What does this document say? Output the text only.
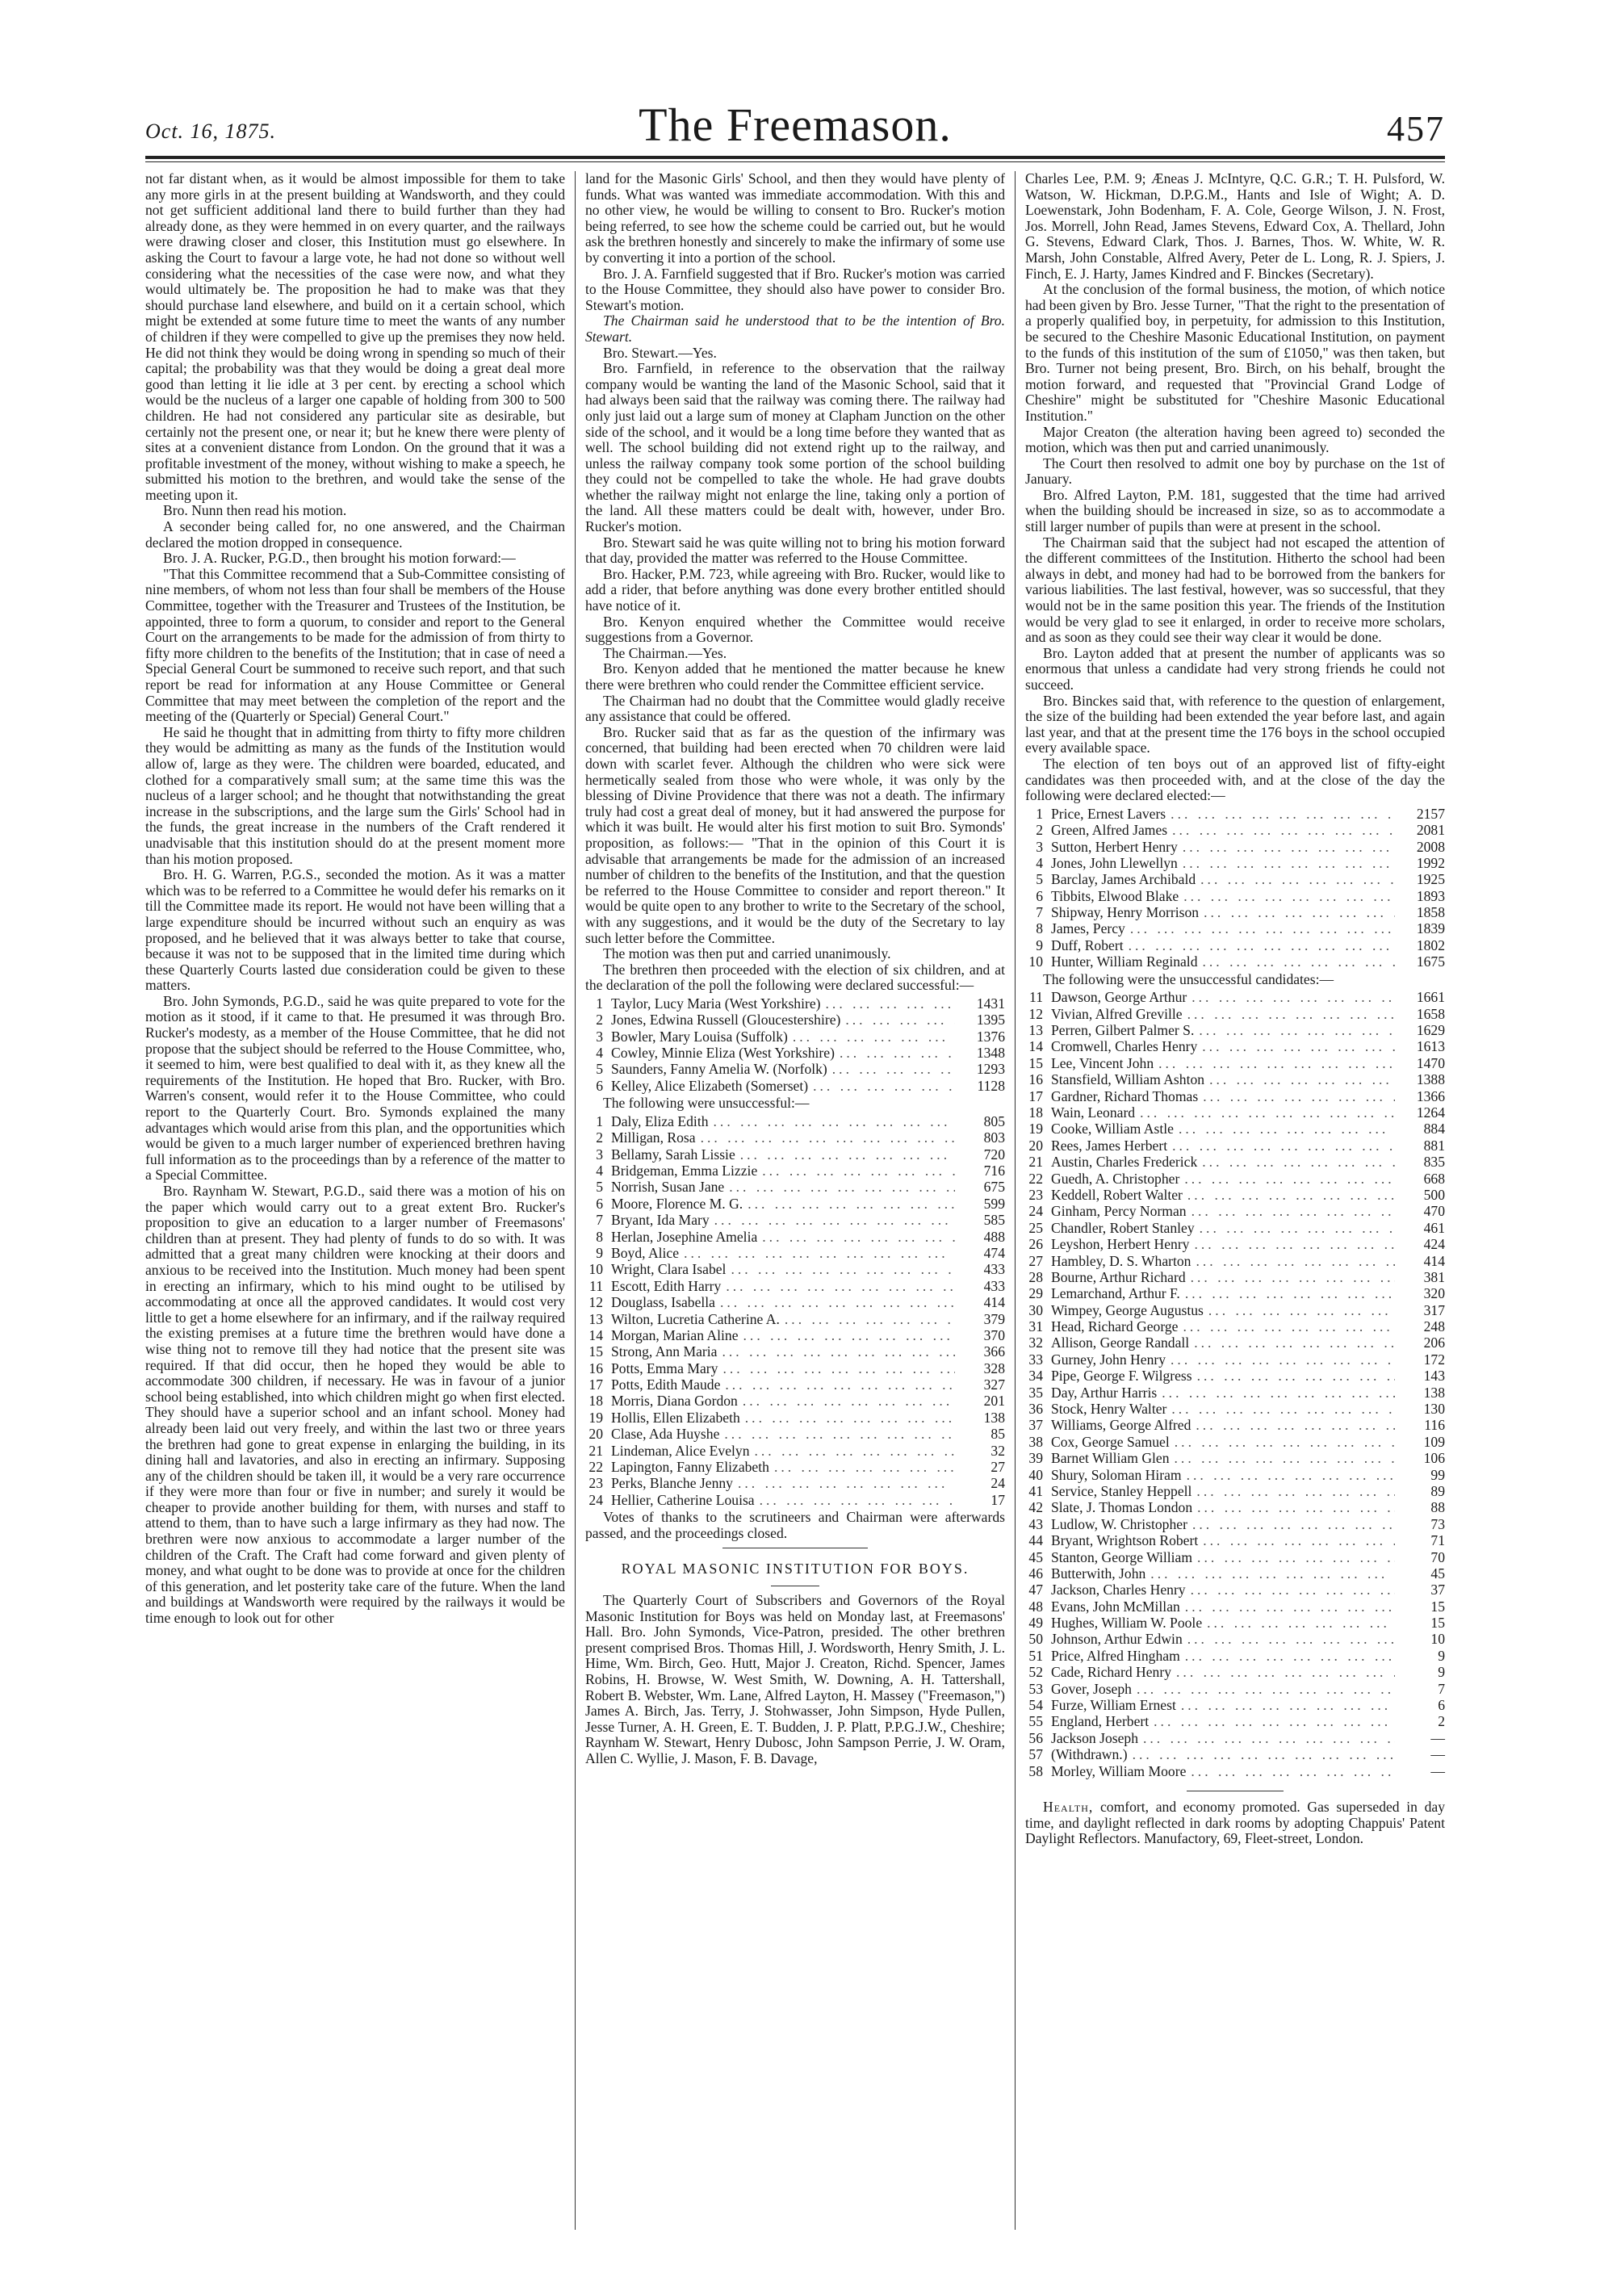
Oct. 16, 1875.	The Freemason.	457

not far distant when, as it would be almost impossible for them to take any more girls in at the present building at Wandsworth, and they could not get sufficient additional land there to build further than they had already done, as they were hemmed in on every quarter, and the railways were drawing closer and closer, this Institution must go elsewhere. In asking the Court to favour a large vote, he had not done so without well considering what the necessities of the case were now, and what they would ultimately be. The proposition he had to make was that they should purchase land elsewhere, and build on it a certain school, which might be extended at some future time to meet the wants of any number of children if they were compelled to give up the premises they now held. He did not think they would be doing wrong in spending so much of their capital; the probability was that they would be doing a great deal more good than letting it lie idle at 3 per cent. by erecting a school which would be the nucleus of a larger one capable of holding from 300 to 500 children. He had not considered any particular site as desirable, but certainly not the present one, or near it; but he knew there were plenty of sites at a convenient distance from London. On the ground that it was a profitable investment of the money, without wishing to make a speech, he submitted his motion to the brethren, and would take the sense of the meeting upon it.

Bro. Nunn then read his motion.

A seconder being called for, no one answered, and the Chairman declared the motion dropped in consequence.

Bro. J. A. Rucker, P.G.D., then brought his motion forward:—

"That this Committee recommend that a Sub-Committee consisting of nine members, of whom not less than four shall be members of the House Committee, together with the Treasurer and Trustees of the Institution, be appointed, three to form a quorum, to consider and report to the General Court on the arrangements to be made for the admission of from thirty to fifty more children to the benefits of the Institution; that in case of need a Special General Court be summoned to receive such report, and that such report be read for information at any House Committee or General Committee that may meet between the completion of the report and the meeting of the (Quarterly or Special) General Court."

He said he thought that in admitting from thirty to fifty more children they would be admitting as many as the funds of the Institution would allow of, large as they were. The children were boarded, educated, and clothed for a comparatively small sum; at the same time this was the nucleus of a larger school; and he thought that notwithstanding the great increase in the subscriptions, and the large sum the Girls' School had in the funds, the great increase in the numbers of the Craft rendered it unadvisable that this institution should do at the present moment more than his motion proposed.

Bro. H. G. Warren, P.G.S., seconded the motion. As it was a matter which was to be referred to a Committee he would defer his remarks on it till the Committee made its report. He would not have been willing that a large expenditure should be incurred without such an enquiry as was proposed, and he believed that it was always better to take that course, because it was not to be supposed that in the limited time during which these Quarterly Courts lasted due consideration could be given to these matters.

Bro. John Symonds, P.G.D., said he was quite prepared to vote for the motion as it stood, if it came to that. He presumed it was through Bro. Rucker's modesty, as a member of the House Committee, that he did not propose that the subject should be referred to the House Committee, who, it seemed to him, were best qualified to deal with it, as they knew all the requirements of the Institution. He hoped that Bro. Rucker, with Bro. Warren's consent, would refer it to the House Committee, who could report to the Quarterly Court. Bro. Symonds explained the many advantages which would arise from this plan, and the opportunities which would be given to a much larger number of experienced brethren having full information as to the proceedings than by a reference of the matter to a Special Committee.

Bro. Raynham W. Stewart, P.G.D., said there was a motion of his on the paper which would carry out to a great extent Bro. Rucker's proposition to give an education to a larger number of Freemasons' children than at present. They had plenty of funds to do so with. It was admitted that a great many children were knocking at their doors and anxious to be received into the Institution. Much money had been spent in erecting an infirmary, which to his mind ought to be utilised by accommodating at once all the approved candidates. It would cost very little to get a home elsewhere for an infirmary, and if the railway required the existing premises at a future time the brethren would have done a wise thing not to remove till they had notice that the present site was required. If that did occur, then he hoped they would be able to accommodate 300 children, if necessary. He was in favour of a junior school being established, into which children might go when first elected. They should have a superior school and an infant school. Money had already been laid out very freely, and within the last two or three years the brethren had gone to great expense in enlarging the building, in its dining hall and lavatories, and also in erecting an infirmary. Supposing any of the children should be taken ill, it would be a very rare occurrence if they were more than four or five in number; and surely it would be cheaper to provide another building for them, with nurses and staff to attend to them, than to have such a large infirmary as they had now. The brethren were now anxious to accommodate a larger number of the children of the Craft. The Craft had come forward and given plenty of money, and what ought to be done was to provide at once for the children of this generation, and let posterity take care of the future. When the land and buildings at Wandsworth were required by the railways it would be time enough to look out for other

land for the Masonic Girls' School, and then they would have plenty of funds. What was wanted was immediate accommodation. With this and no other view, he would be willing to consent to Bro. Rucker's motion being referred, to see how the scheme could be carried out, but he would ask the brethren honestly and sincerely to make the infirmary of some use by converting it into a portion of the school.

Bro. J. A. Farnfield suggested that if Bro. Rucker's motion was carried to the House Committee, they should also have power to consider Bro. Stewart's motion.

The Chairman said he understood that to be the intention of Bro. Stewart.

Bro. Stewart.—Yes.

Bro. Farnfield, in reference to the observation that the railway company would be wanting the land of the Masonic School, said that it had always been said that the railway was coming there. The railway had only just laid out a large sum of money at Clapham Junction on the other side of the school, and it would be a long time before they wanted that as well. The school building did not extend right up to the railway, and unless the railway company took some portion of the school building they could not be compelled to take the whole. He had grave doubts whether the railway might not enlarge the line, taking only a portion of the land. All these matters could be dealt with, however, under Bro. Rucker's motion.

Bro. Stewart said he was quite willing not to bring his motion forward that day, provided the matter was referred to the House Committee.

Bro. Hacker, P.M. 723, while agreeing with Bro. Rucker, would like to add a rider, that before anything was done every brother entitled should have notice of it.

Bro. Kenyon enquired whether the Committee would receive suggestions from a Governor.

The Chairman.—Yes.

Bro. Kenyon added that he mentioned the matter because he knew there were brethren who could render the Committee efficient service.

The Chairman had no doubt that the Committee would gladly receive any assistance that could be offered.

Bro. Rucker said that as far as the question of the infirmary was concerned, that building had been erected when 70 children were laid down with scarlet fever. Although the children who were sick were hermetically sealed from those who were whole, it was only by the blessing of Divine Providence that there was not a death. The infirmary truly had cost a great deal of money, but it had answered the purpose for which it was built. He would alter his first motion to suit Bro. Symonds' proposition, as follows:— "That in the opinion of this Court it is advisable that arrangements be made for the admission of an increased number of children to the benefits of the Institution, and that the question be referred to the House Committee to consider and report thereon." It would be quite open to any brother to write to the Secretary of the school, with any suggestions, and it would be the duty of the Secretary to lay such letter before the Committee.

The motion was then put and carried unanimously.

The brethren then proceeded with the election of six children, and at the declaration of the poll the following were declared successful:—

1 Taylor, Lucy Maria (West Yorkshire) ... .	1431
2 Jones, Edwina Russell (Gloucestershire) ... .	1395
3 Bowler, Mary Louisa (Suffolk) ... .	1376
4 Cowley, Minnie Eliza (West Yorkshire) ... .	1348
5 Saunders, Fanny Amelia W. (Norfolk) ... .	1293
6 Kelley, Alice Elizabeth (Somerset) ... .	1128
The following were unsuccessful:—
1 Daly, Eliza Edith ... .	805
2 Milligan, Rosa ... .	803
3 Bellamy, Sarah Lissie ... .	720
4 Bridgeman, Emma Lizzie ... .	716
5 Norrish, Susan Jane ... .	675
6 Moore, Florence M. G. ... .	599
7 Bryant, Ida Mary ... .	585
8 Herlan, Josephine Amelia ... .	488
9 Boyd, Alice ... .	474
10 Wright, Clara Isabel ... .	433
11 Escott, Edith Harry ... .	433
12 Douglass, Isabella ... .	414
13 Wilton, Lucretia Catherine A. ... .	379
14 Morgan, Marian Aline ... .	370
15 Strong, Ann Maria ... .	366
16 Potts, Emma Mary ... .	328
17 Potts, Edith Maude ... .	327
18 Morris, Diana Gordon ... .	201
19 Hollis, Ellen Elizabeth ... .	138
20 Clase, Ada Huyshe ... .	85
21 Lindeman, Alice Evelyn ... .	32
22 Lapington, Fanny Elizabeth ... .	27
23 Perks, Blanche Jenny ... .	24
24 Hellier, Catherine Louisa ... .	17

Votes of thanks to the scrutineers and Chairman were afterwards passed, and the proceedings closed.

ROYAL MASONIC INSTITUTION FOR BOYS.

The Quarterly Court of Subscribers and Governors of the Royal Masonic Institution for Boys was held on Monday last, at Freemasons' Hall. Bro. John Symonds, Vice-Patron, presided. The other brethren present comprised Bros. Thomas Hill, J. Wordsworth, Henry Smith, J. L. Hime, Wm. Birch, Geo. Hutt, Major J. Creaton, Richd. Spencer, James Robins, H. Browse, W. West Smith, W. Downing, A. H. Tattershall, Robert B. Webster, Wm. Lane, Alfred Layton, H. Massey ("Freemason,") James A. Birch, Jas. Terry, J. Stohwasser, John Simpson, Hyde Pullen, Jesse Turner, A. H. Green, E. T. Budden, J. P. Platt, P.P.G.J.W., Cheshire; Raynham W. Stewart, Henry Dubosc, John Sampson Perrie, J. W. Oram, Allen C. Wyllie, J. Mason, F. B. Davage,

Charles Lee, P.M. 9; Æneas J. McIntyre, Q.C. G.R.; T. H. Pulsford, W. Watson, W. Hickman, D.P.G.M., Hants and Isle of Wight; A. D. Loewenstark, John Bodenham, F. A. Cole, George Wilson, J. N. Frost, Jos. Morrell, John Read, James Stevens, Edward Cox, A. Thellard, John G. Stevens, Edward Clark, Thos. J. Barnes, Thos. W. White, W. R. Marsh, John Constable, Alfred Avery, Peter de L. Long, R. J. Spiers, J. Finch, E. J. Harty, James Kindred and F. Binckes (Secretary).

At the conclusion of the formal business, the motion, of which notice had been given by Bro. Jesse Turner, "That the right to the presentation of a properly qualified boy, in perpetuity, for admission to this Institution, be secured to the Cheshire Masonic Educational Institution, on payment to the funds of this institution of the sum of £1050," was then taken, but Bro. Turner not being present, Bro. Birch, on his behalf, brought the motion forward, and requested that "Provincial Grand Lodge of Cheshire" might be substituted for "Cheshire Masonic Educational Institution."

Major Creaton (the alteration having been agreed to) seconded the motion, which was then put and carried unanimously.

The Court then resolved to admit one boy by purchase on the 1st of January.

Bro. Alfred Layton, P.M. 181, suggested that the time had arrived when the building should be increased in size, so as to accommodate a still larger number of pupils than were at present in the school.

The Chairman said that the subject had not escaped the attention of the different committees of the Institution. Hitherto the school had been always in debt, and money had had to be borrowed from the bankers for various liabilities. The last festival, however, was so successful, that they would not be in the same position this year. The friends of the Institution would be very glad to see it enlarged, in order to receive more scholars, and as soon as they could see their way clear it would be done.

Bro. Layton added that at present the number of applicants was so enormous that unless a candidate had very strong friends he could not succeed.

Bro. Binckes said that, with reference to the question of enlargement, the size of the building had been extended the year before last, and again last year, and that at the present time the 176 boys in the school occupied every available space.

The election of ten boys out of an approved list of fifty-eight candidates was then proceeded with, and at the close of the day the following were declared elected:—

1 Price, Ernest Lavers ... .	2157
2 Green, Alfred James ... .	2081
3 Sutton, Herbert Henry ... .	2008
4 Jones, John Llewellyn ... .	1992
5 Barclay, James Archibald ... .	1925
6 Tibbits, Elwood Blake ... .	1893
7 Shipway, Henry Morrison ... .	1858
8 James, Percy ... .	1839
9 Duff, Robert ... .	1802
10 Hunter, William Reginald ... .	1675
The following were the unsuccessful candidates:—
11 Dawson, George Arthur ... .	1661
12 Vivian, Alfred Greville ... .	1658
13 Perren, Gilbert Palmer S. ... .	1629
14 Cromwell, Charles Henry ... .	1613
15 Lee, Vincent John ... .	1470
16 Stansfield, William Ashton ... .	1388
17 Gardner, Richard Thomas ... .	1366
18 Wain, Leonard ... .	1264
19 Cooke, William Astle ... .	884
20 Rees, James Herbert ... .	881
21 Austin, Charles Frederick ... .	835
22 Guedh, A. Christopher ... .	668
23 Keddell, Robert Walter ... .	500
24 Ginham, Percy Norman ... .	470
25 Chandler, Robert Stanley ... .	461
26 Leyshon, Herbert Henry ... .	424
27 Hambley, D. S. Wharton ... .	414
28 Bourne, Arthur Richard ... .	381
29 Lemarchand, Arthur F. ... .	320
30 Wimpey, George Augustus ... .	317
31 Head, Richard George ... .	248
32 Allison, George Randall ... .	206
33 Gurney, John Henry ... .	172
34 Pipe, George F. Wilgress ... .	143
35 Day, Arthur Harris ... .	138
36 Stock, Henry Walter ... .	130
37 Williams, George Alfred ... .	116
38 Cox, George Samuel ... .	109
39 Barnet William Glen ... .	106
40 Shury, Soloman Hiram ... .	99
41 Service, Stanley Heppell ... .	89
42 Slate, J. Thomas London ... .	88
43 Ludlow, W. Christopher ... .	73
44 Bryant, Wrightson Robert ... .	71
45 Stanton, George William ... .	70
46 Butterwith, John ... .	45
47 Jackson, Charles Henry ... .	37
48 Evans, John McMillan ... .	15
49 Hughes, William W. Poole ... .	15
50 Johnson, Arthur Edwin ... .	10
51 Price, Alfred Hingham ... .	9
52 Cade, Richard Henry ... .	9
53 Gover, Joseph ... .	7
54 Furze, William Ernest ... .	6
55 England, Herbert ... .	2
56 Jackson Joseph ... .	—
57 (Withdrawn.) ... .	—
58 Morley, William Moore ... .	—

Health, comfort, and economy promoted. Gas superseded in day time, and daylight reflected in dark rooms by adopting Chappuis' Patent Daylight Reflectors. Manufactory, 69, Fleet-street, London.
